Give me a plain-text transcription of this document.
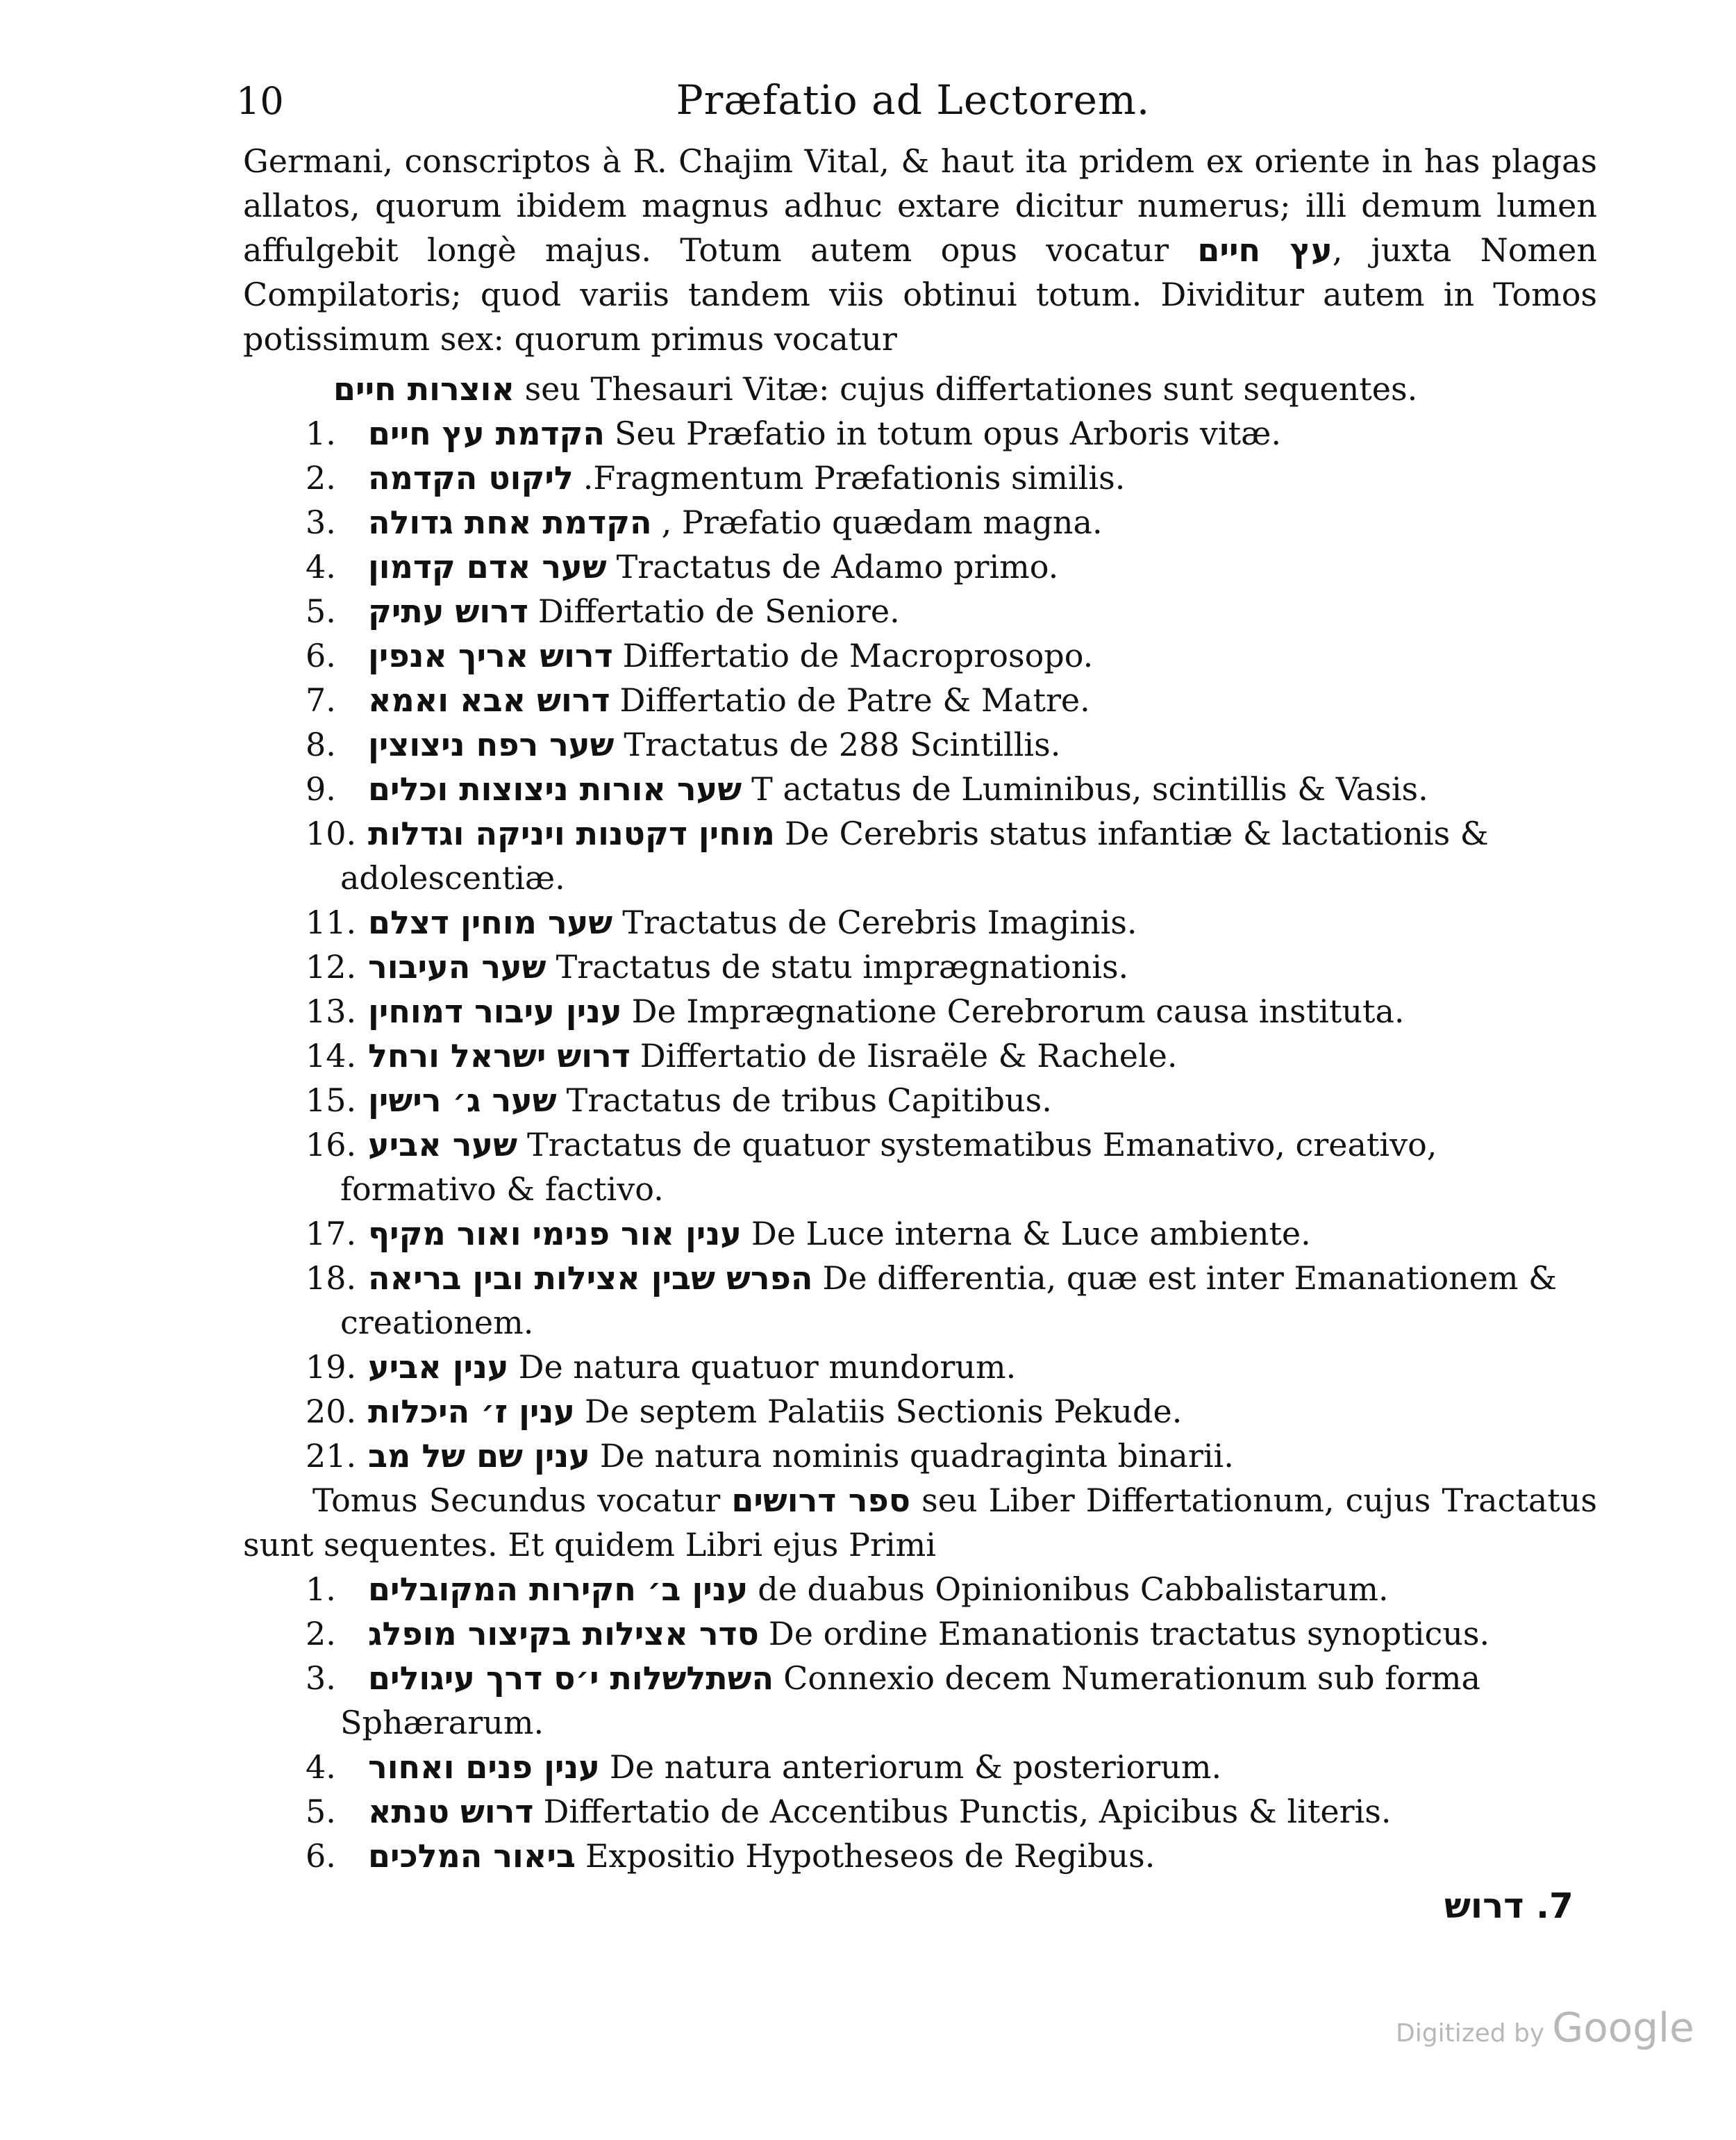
10	Præfatio ad Lectorem.

Germani, conscriptos à R. Chajim Vital, & haut ita pridem ex oriente in has plagas allatos, quorum ibidem magnus adhuc extare dicitur numerus; illi demum lumen affulgebit longè majus. Totum autem opus vocatur עץ חיים, juxta Nomen Compilatoris; quod variis tandem viis obtinui totum. Dividitur autem in Tomos potissimum sex: quorum primus vocatur

אוצרות חיים seu Thesauri Vitæ: cujus differtationes sunt sequentes.

1. הקדמת עץ חיים Seu Præfatio in totum opus Arboris vitæ.
2. ליקוט הקדמה .Fragmentum Præfationis similis.
3. הקדמת אחת גדולה , Præfatio quædam magna.
4. שער אדם קדמון Tractatus de Adamo primo.
5. דרוש עתיק Differtatio de Seniore.
6. דרוש אריך אנפין Differtatio de Macroprosopo.
7. דרוש אבא ואמא Differtatio de Patre & Matre.
8. שער רפח ניצוצין Tractatus de 288 Scintillis.
9. שער אורות ניצוצות וכלים T actatus de Luminibus, scintillis & Vasis.
10. מוחין דקטנות ויניקה וגדלות De Cerebris status infantiæ & lactationis & adolescentiæ.
11. שער מוחין דצלם Tractatus de Cerebris Imaginis.
12. שער העיבור Tractatus de statu imprægnationis.
13. ענין עיבור דמוחין De Imprægnatione Cerebrorum causa instituta.
14. דרוש ישראל ורחל Differtatio de Iisraële & Rachele.
15. שער ג׳ רישין Tractatus de tribus Capitibus.
16. שער אביע Tractatus de quatuor systematibus Emanativo, creativo, formativo & factivo.
17. ענין אור פנימי ואור מקיף De Luce interna & Luce ambiente.
18. הפרש שבין אצילות ובין בריאה De differentia, quæ est inter Emanationem & creationem.
19. ענין אביע De natura quatuor mundorum.
20. ענין ז׳ היכלות De septem Palatiis Sectionis Pekude.
21. ענין שם של מב De natura nominis quadraginta binarii.

Tomus Secundus vocatur ספר דרושים seu Liber Differtationum, cujus Tractatus sunt sequentes. Et quidem Libri ejus Primi

1. ענין ב׳ חקירות המקובלים de duabus Opinionibus Cabbalistarum.
2. סדר אצילות בקיצור מופלג De ordine Emanationis tractatus synopticus.
3. השתלשלות י׳ס דרך עיגולים Connexio decem Numerationum sub forma Sphærarum.
4. ענין פנים ואחור De natura anteriorum & posteriorum.
5. דרוש טנתא Differtatio de Accentibus Punctis, Apicibus & literis.
6. ביאור המלכים Expositio Hypotheseos de Regibus.
7. דרוש
Digitized by Google
